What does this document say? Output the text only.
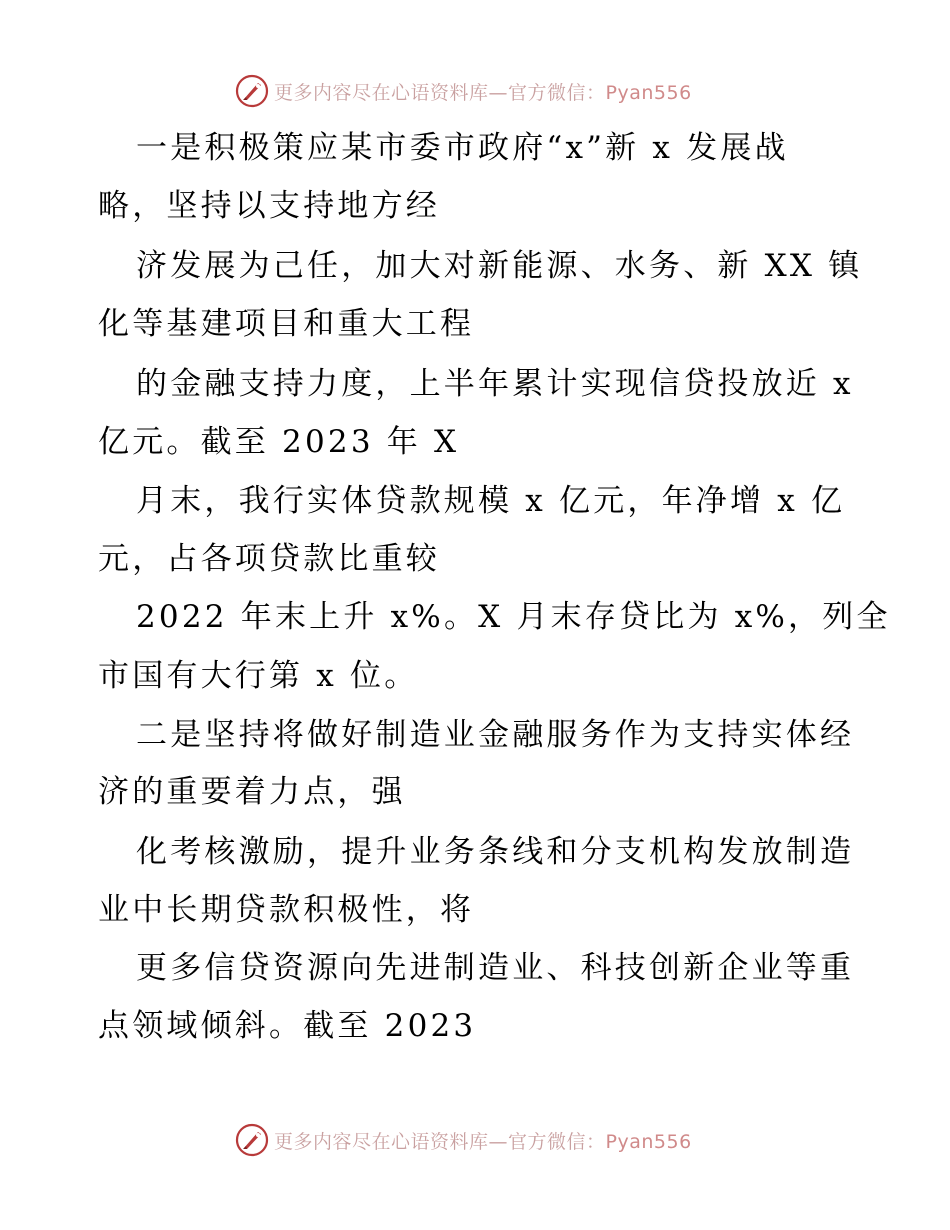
更多内容尽在心语资料库—官方微信：Pyan556
一是积极策应某市委市政府“x”新 x 发展战
略，坚持以支持地方经
济发展为己任，加大对新能源、水务、新 XX 镇
化等基建项目和重大工程
的金融支持力度，上半年累计实现信贷投放近 x
亿元。截至 2023 年 X
月末，我行实体贷款规模 x 亿元，年净增 x 亿
元，占各项贷款比重较
2022 年末上升 x%。X 月末存贷比为 x%，列全
市国有大行第 x 位。
二是坚持将做好制造业金融服务作为支持实体经
济的重要着力点，强
化考核激励，提升业务条线和分支机构发放制造
业中长期贷款积极性，将
更多信贷资源向先进制造业、科技创新企业等重
点领域倾斜。截至 2023
更多内容尽在心语资料库—官方微信：Pyan556
